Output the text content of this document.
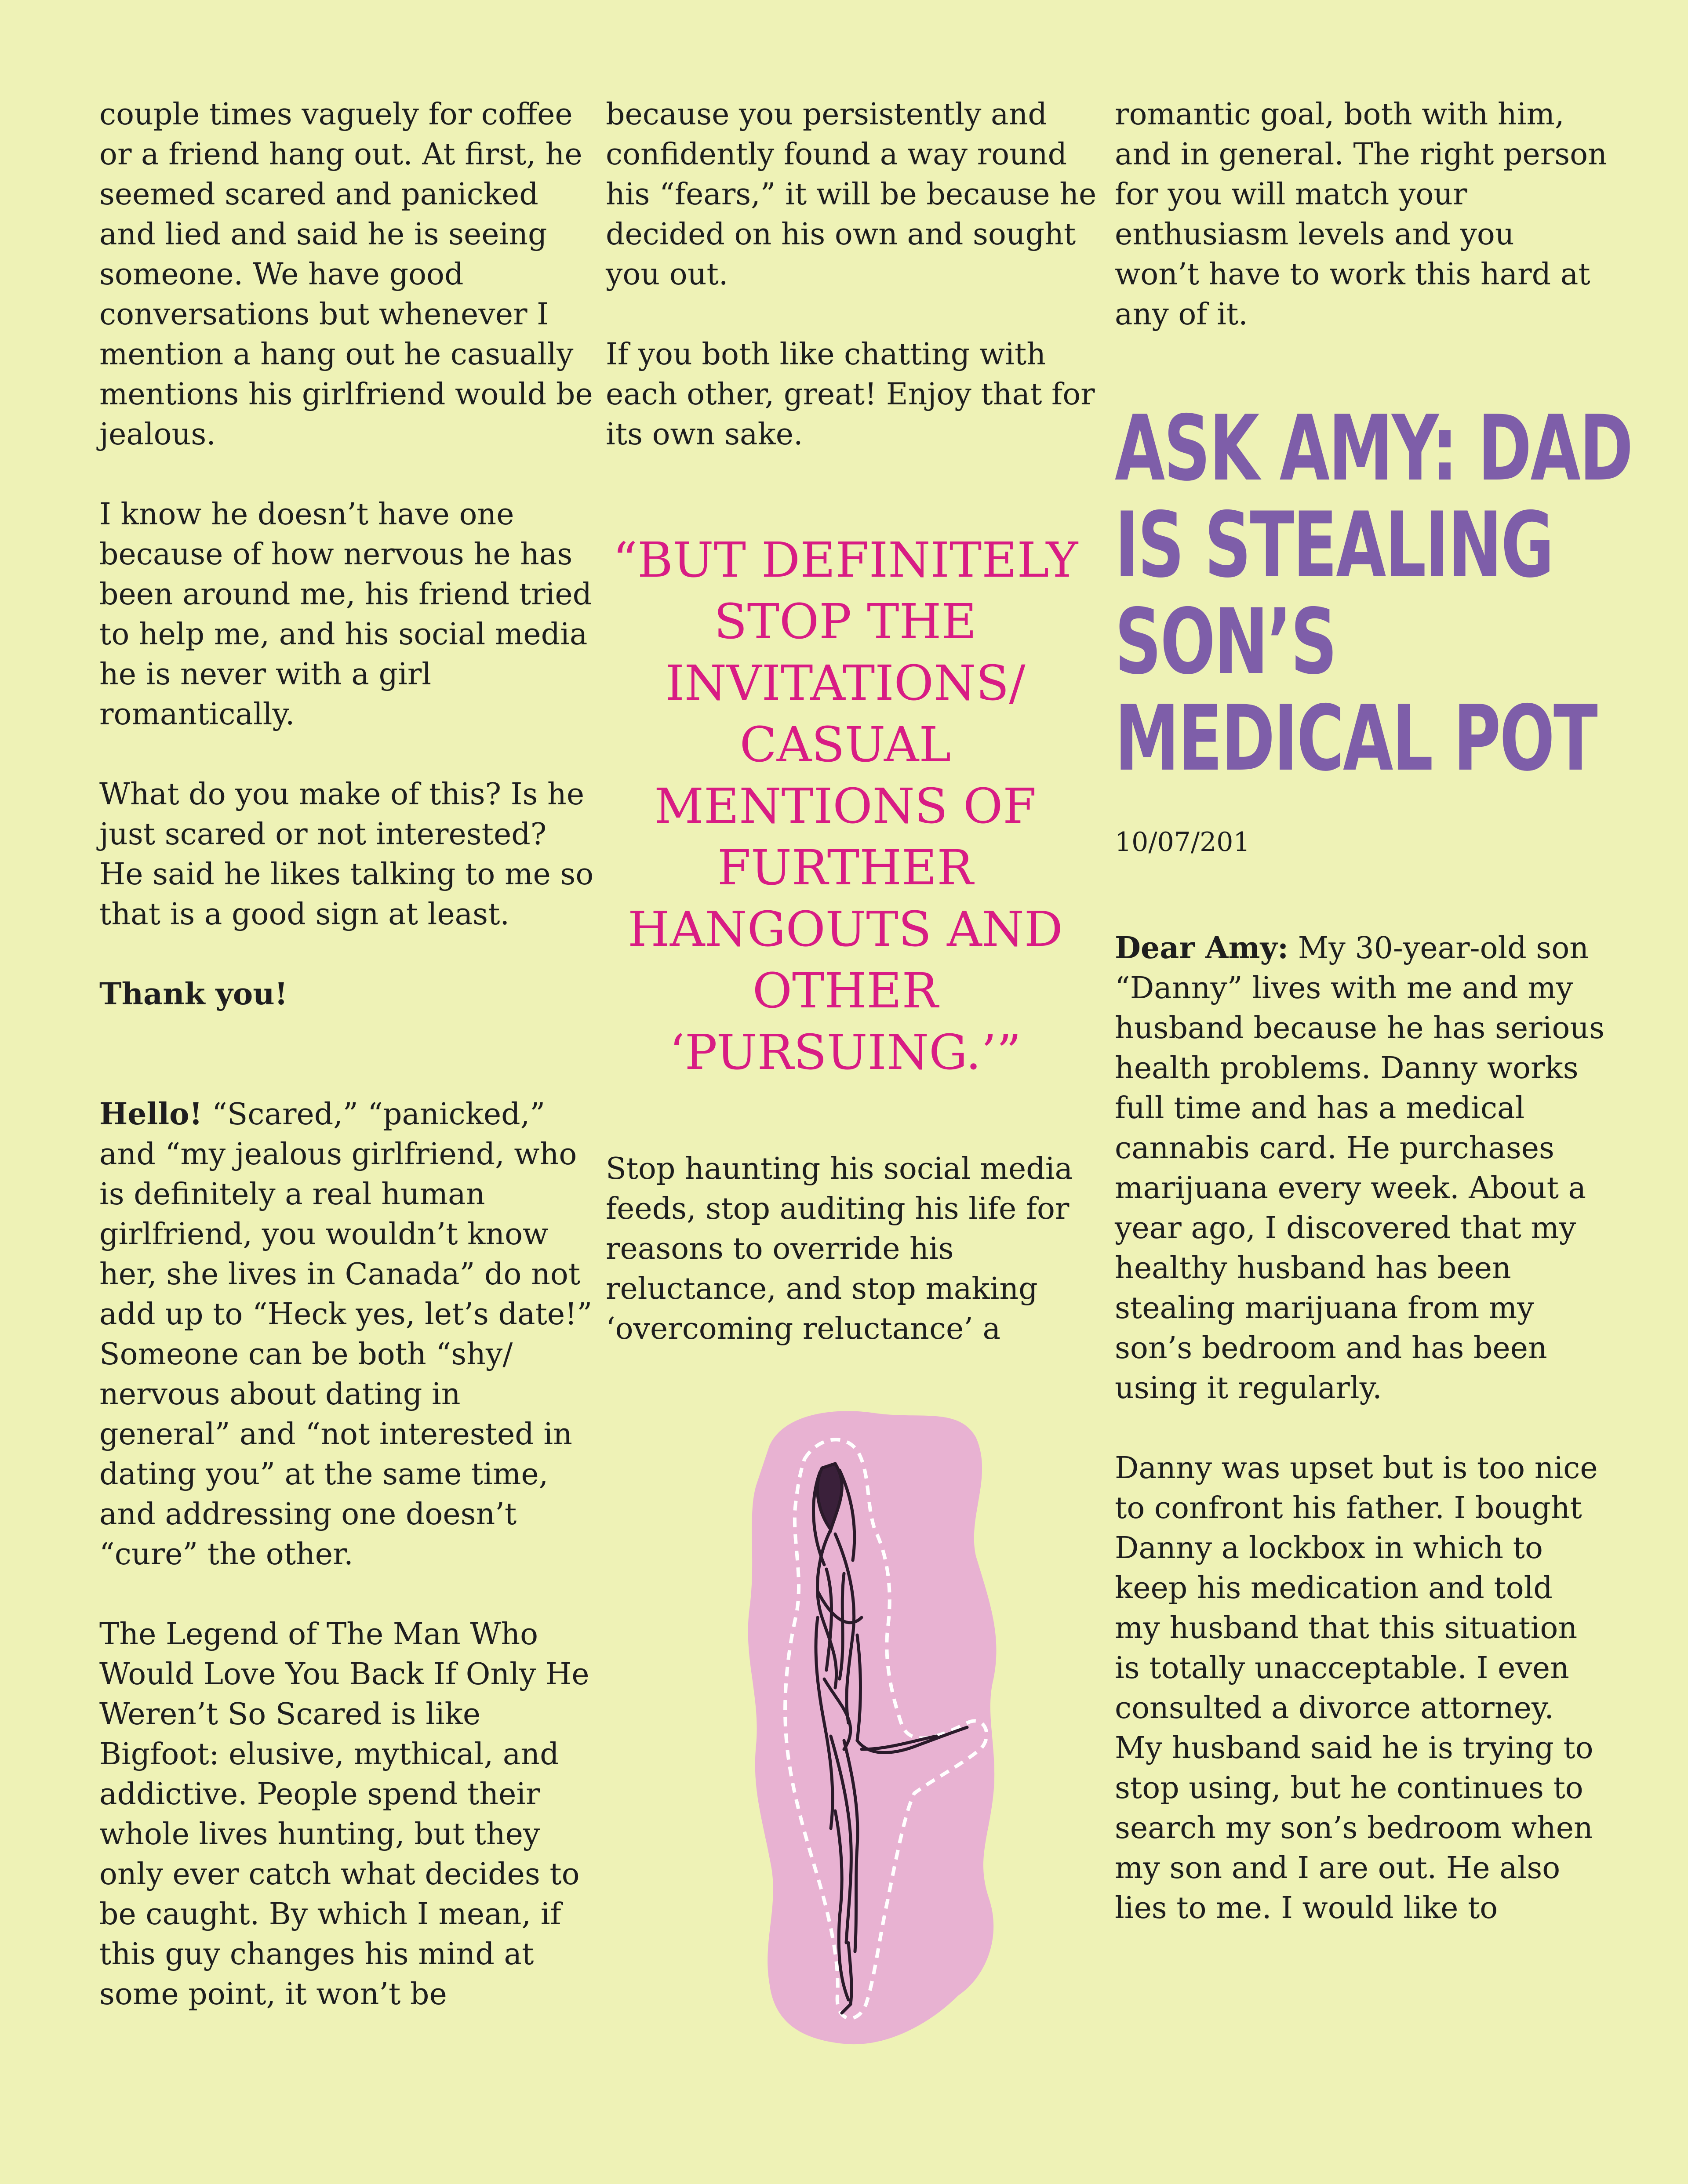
couple times vaguely for coffee or a friend hang out. At first, he seemed scared and panicked and lied and said he is seeing someone. We have good conversations but whenever I mention a hang out he casually mentions his girlfriend would be jealous.

I know he doesn’t have one because of how nervous he has been around me, his friend tried to help me, and his social media he is never with a girl romantically.

What do you make of this? Is he just scared or not interested? He said he likes talking to me so that is a good sign at least.

Thank you!

Hello! “Scared,” “panicked,” and “my jealous girlfriend, who is definitely a real human girlfriend, you wouldn’t know her, she lives in Canada” do not add up to “Heck yes, let’s date!”

Someone can be both “shy/ nervous about dating in general” and “not interested in dating you” at the same time, and addressing one doesn’t “cure” the other.

The Legend of The Man Who Would Love You Back If Only He Weren’t So Scared is like Bigfoot: elusive, mythical, and addictive. People spend their whole lives hunting, but they only ever catch what decides to be caught. By which I mean, if this guy changes his mind at some point, it won’t be

because you persistently and confidently found a way round his “fears,” it will be because he decided on his own and sought you out.

If you both like chatting with each other, great! Enjoy that for its own sake.

“BUT DEFINITELY STOP THE INVITATIONS/ CASUAL MENTIONS OF FURTHER HANGOUTS AND OTHER ‘PURSUING.’”

Stop haunting his social media feeds, stop auditing his life for reasons to override his reluctance, and stop making ‘overcoming reluctance’ a

romantic goal, both with him, and in general. The right person for you will match your enthusiasm levels and you won’t have to work this hard at any of it.

ASK AMY: DAD IS STEALING SON’S MEDICAL POT
10/07/201

Dear Amy: My 30-year-old son “Danny” lives with me and my husband because he has serious health problems. Danny works full time and has a medical cannabis card. He purchases marijuana every week. About a year ago, I discovered that my healthy husband has been stealing marijuana from my son’s bedroom and has been using it regularly.

Danny was upset but is too nice to confront his father. I bought Danny a lockbox in which to keep his medication and told my husband that this situation is totally unacceptable. I even consulted a divorce attorney. My husband said he is trying to stop using, but he continues to search my son’s bedroom when my son and I are out. He also lies to me. I would like to
